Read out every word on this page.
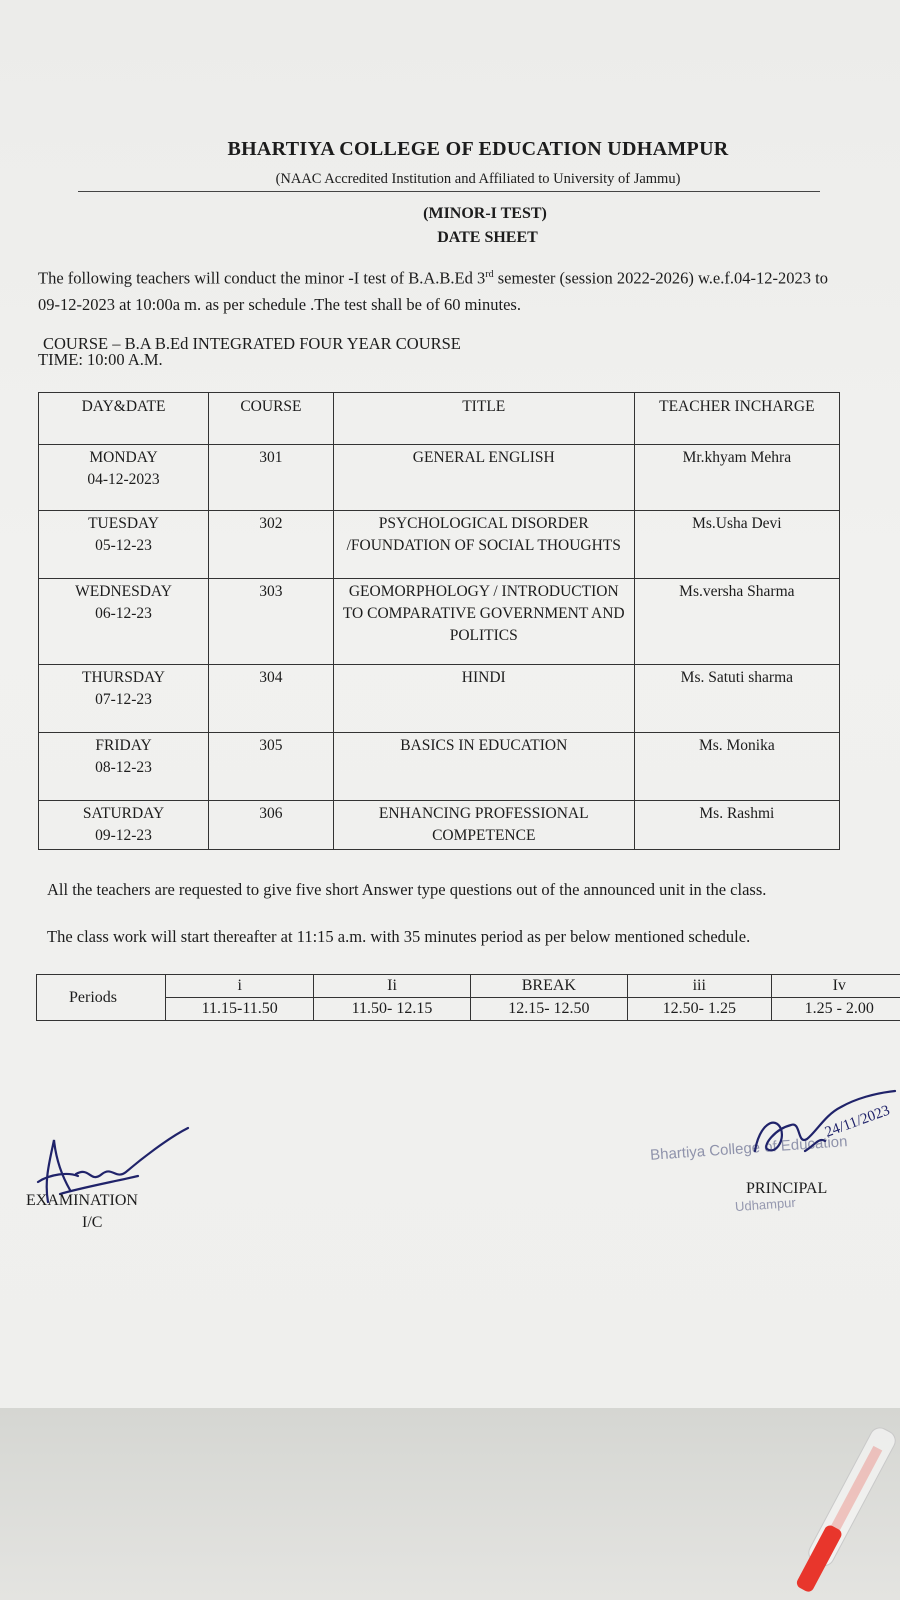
BHARTIYA COLLEGE OF EDUCATION UDHAMPUR
(NAAC Accredited Institution and Affiliated to University of Jammu)
(MINOR-I TEST)
DATE SHEET
The following teachers will conduct the minor -I test of B.A.B.Ed 3rd semester (session 2022-2026) w.e.f.04-12-2023 to 09-12-2023 at 10:00a m. as per schedule .The test shall be of 60 minutes.
COURSE – B.A B.Ed INTEGRATED FOUR YEAR COURSE
TIME: 10:00 A.M.
DAY&DATE	COURSE	TITLE	TEACHER INCHARGE

MONDAY
04-12-2023	301	GENERAL ENGLISH	Mr.khyam Mehra

TUESDAY
05-12-23	302	PSYCHOLOGICAL DISORDER /FOUNDATION OF SOCIAL THOUGHTS	Ms.Usha Devi

WEDNESDAY
06-12-23	303	GEOMORPHOLOGY / INTRODUCTION TO COMPARATIVE GOVERNMENT AND POLITICS	Ms.versha Sharma

THURSDAY
07-12-23	304	HINDI	Ms. Satuti sharma

FRIDAY
08-12-23	305	BASICS IN EDUCATION	Ms. Monika

SATURDAY
09-12-23	306	ENHANCING PROFESSIONAL COMPETENCE	Ms. Rashmi
All the teachers are requested to give five short Answer type questions out of the announced unit in the class.
The class work will start thereafter at 11:15 a.m. with 35 minutes period as per below mentioned schedule.
Periods	i	Ii	BREAK	iii	Iv
	11.15-11.50	11.50- 12.15	12.15- 12.50	12.50- 1.25	1.25 - 2.00
EXAMINATION
I/C
Bhartiya College of Education
Udhampur
24/11/2023
PRINCIPAL
